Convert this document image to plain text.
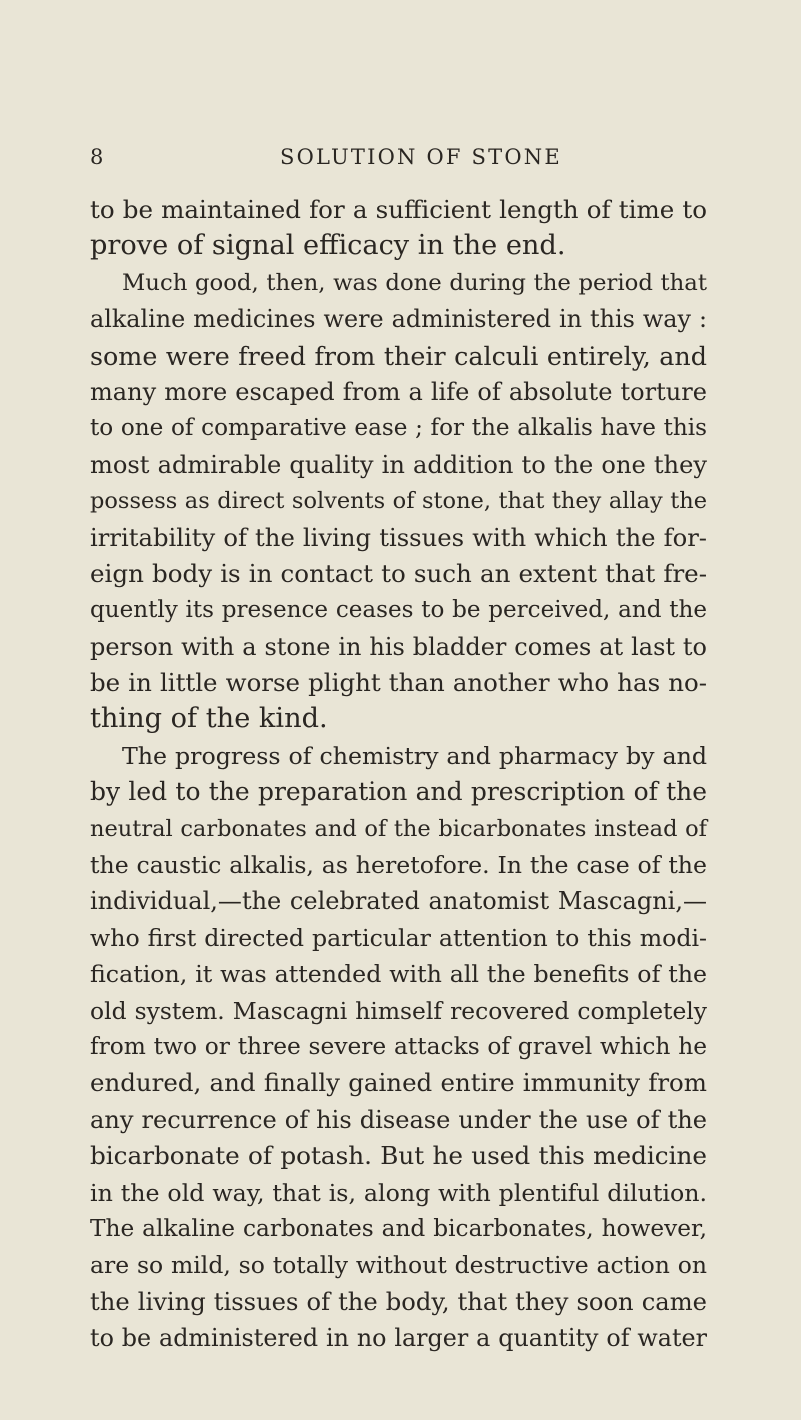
8	SOLUTION OF STONE
to be maintained for a sufficient length of time to
prove of signal efficacy in the end.
Much good, then, was done during the period that
alkaline medicines were administered in this way :
some were freed from their calculi entirely, and
many more escaped from a life of absolute torture
to one of comparative ease ; for the alkalis have this
most admirable quality in addition to the one they
possess as direct solvents of stone, that they allay the
irritability of the living tissues with which the for-
eign body is in contact to such an extent that fre-
quently its presence ceases to be perceived, and the
person with a stone in his bladder comes at last to
be in little worse plight than another who has no-
thing of the kind.
The progress of chemistry and pharmacy by and
by led to the preparation and prescription of the
neutral carbonates and of the bicarbonates instead of
the caustic alkalis, as heretofore. In the case of the
individual,—the celebrated anatomist Mascagni,—
who first directed particular attention to this modi-
fication, it was attended with all the benefits of the
old system. Mascagni himself recovered completely
from two or three severe attacks of gravel which he
endured, and finally gained entire immunity from
any recurrence of his disease under the use of the
bicarbonate of potash. But he used this medicine
in the old way, that is, along with plentiful dilution.
The alkaline carbonates and bicarbonates, however,
are so mild, so totally without destructive action on
the living tissues of the body, that they soon came
to be administered in no larger a quantity of water
